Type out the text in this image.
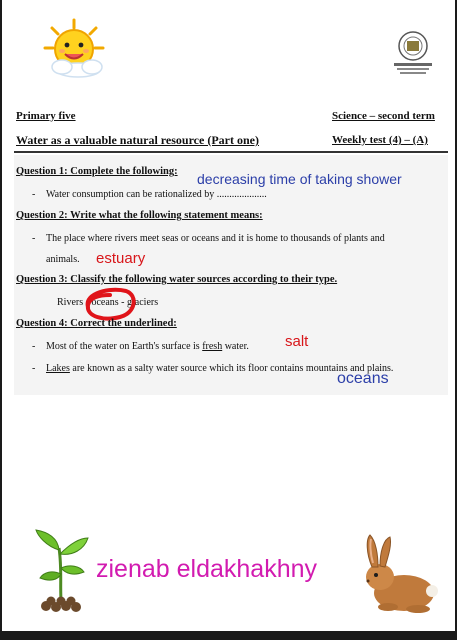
Primary five	Science – second term
Water as a valuable natural resource (Part one)	Weekly test (4) – (A)
Question 1: Complete the following: decreasing time of taking shower
- Water consumption can be rationalized by ....................
Question 2: Write what the following statement means:
- The place where rivers meet seas or oceans and it is home to thousands of plants and
animals. estuary
Question 3: Classify the following water sources according to their type.
Rivers - oceans - glaciers
Question 4: Correct the underlined:
- Most of the water on Earth's surface is fresh water. salt
- Lakes are known as a salty water source which its floor contains mountains and plains.
oceans
zienab eldakhakhny
